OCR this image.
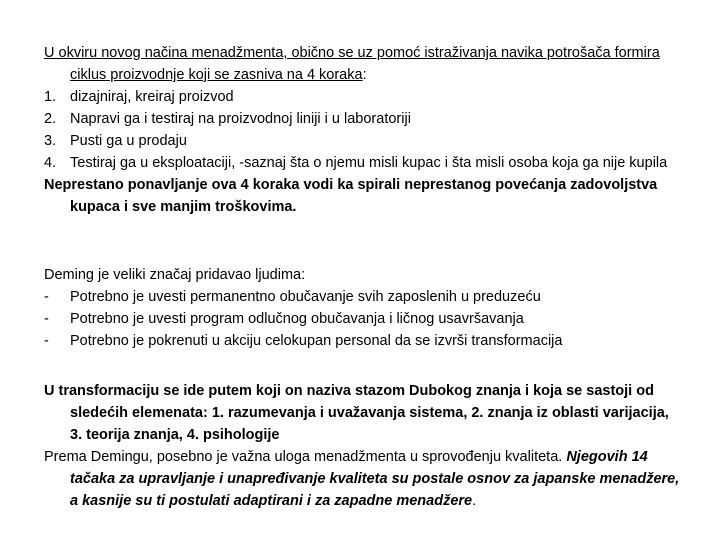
U okviru novog načina menadžmenta, obično se uz pomoć istraživanja navika potrošača formira ciklus proizvodnje koji se zasniva na 4 koraka:

1. dizajniraj, kreiraj proizvod

2. Napravi ga i testiraj na proizvodnoj liniji i u laboratoriji

3. Pusti ga u prodaju

4. Testiraj ga u eksploataciji, -saznaj šta o njemu misli kupac i šta misli osoba koja ga nije kupila

Neprestano ponavljanje ova 4 koraka vodi ka spirali neprestanog povećanja zadovoljstva kupaca i sve manjim troškovima.

Deming je veliki značaj pridavao ljudima:

- Potrebno je uvesti permanentno obučavanje svih zaposlenih u preduzeću

- Potrebno je uvesti program odlučnog obučavanja i ličnog usavršavanja

- Potrebno je pokrenuti u akciju celokupan personal da se izvrši transformacija

U transformaciju se ide putem koji on naziva stazom Dubokog znanja i koja se sastoji od sledećih elemenata: 1. razumevanja i uvažavanja sistema, 2. znanja iz oblasti varijacija, 3. teorija znanja, 4. psihologije

Prema Demingu, posebno je važna uloga menadžmenta u sprovođenju kvaliteta. Njegovih 14 tačaka za upravljanje i unapređivanje kvaliteta su postale osnov za japanske menadžere, a kasnije su ti postulati adaptirani i za zapadne menadžere.
